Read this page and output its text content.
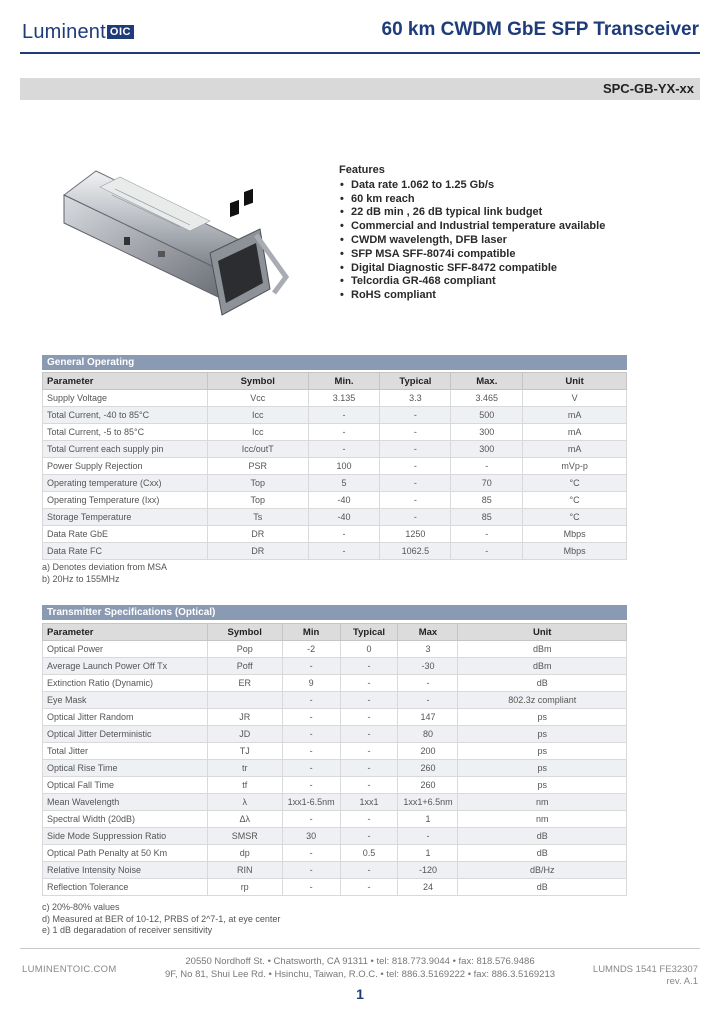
Luminent OIC	60 km CWDM GbE SFP Transceiver
SPC-GB-YX-xx
Features
• Data rate 1.062 to 1.25 Gb/s
• 60 km reach
• 22 dB min , 26 dB typical link budget
• Commercial and Industrial temperature available
• CWDM wavelength, DFB laser
• SFP MSA SFF-8074i compatible
• Digital Diagnostic SFF-8472 compatible
• Telcordia GR-468 compliant
• RoHS compliant
General Operating
Parameter	Symbol	Min.	Typical	Max.	Unit
Supply Voltage	Vcc	3.135	3.3	3.465	V
Total Current, -40 to 85°C	Icc	-	-	500	mA
Total Current, -5 to 85°C	Icc	-	-	300	mA
Total Current each supply pin	Icc/outT	-	-	300	mA
Power Supply Rejection	PSR	100	-	-	mVp-p
Operating temperature (Cxx)	Top	5	-	70	°C
Operating Temperature (Ixx)	Top	-40	-	85	°C
Storage Temperature	Ts	-40	-	85	°C
Data Rate GbE	DR	-	1250	-	Mbps
Data Rate FC	DR	-	1062.5	-	Mbps
a) Denotes deviation from MSA
b) 20Hz to 155MHz
Transmitter Specifications (Optical)
Parameter	Symbol	Min	Typical	Max	Unit
Optical Power	Pop	-2	0	3	dBm
Average Launch Power Off Tx	Poff	-	-	-30	dBm
Extinction Ratio (Dynamic)	ER	9	-	-	dB
Eye Mask		-	-	-	802.3z compliant
Optical Jitter Random	JR	-	-	147	ps
Optical Jitter Deterministic	JD	-	-	80	ps
Total Jitter	TJ	-	-	200	ps
Optical Rise Time	tr	-	-	260	ps
Optical Fall Time	tf	-	-	260	ps
Mean Wavelength	λ	1xx1-6.5nm	1xx1	1xx1+6.5nm	nm
Spectral Width (20dB)	Δλ	-	-	1	nm
Side Mode Suppression Ratio	SMSR	30	-	-	dB
Optical Path Penalty at 50 Km	dp	-	0.5	1	dB
Relative Intensity Noise	RIN	-	-	-120	dB/Hz
Reflection Tolerance	rp	-	-	24	dB
c) 20%-80% values
d) Measured at BER of 10-12, PRBS of 2^7-1, at eye center
e) 1 dB degaradation of receiver sensitivity
LUMINENTOIC.COM
20550 Nordhoff St. • Chatsworth, CA 91311 • tel: 818.773.9044 • fax: 818.576.9486
9F, No 81, Shui Lee Rd. • Hsinchu, Taiwan, R.O.C. • tel: 886.3.5169222 • fax: 886.3.5169213	LUMNDS 1541 FE32307
rev. A.1
1
